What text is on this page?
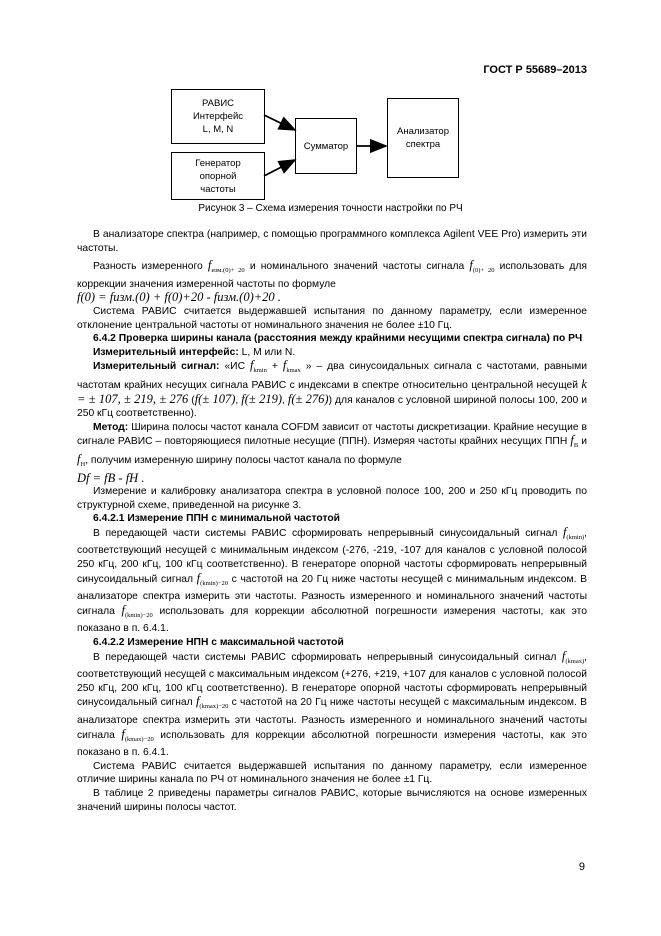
ГОСТ Р 55689–2013
РАВИС
Интерфейс
L, M, N
Генератор
опорной
частоты
Сумматор
Анализатор
спектра
Рисунок 3 – Схема измерения точности настройки по РЧ

В анализаторе спектра (например, с помощью программного комплекса Agilent VEE Pro) измерить эти частоты.

Разность измеренного $f_{изм.(0)+ 20}$ и номинального значений частоты сигнала $f_{(0)+ 20}$ использовать для коррекции значения измеренной частоты по формуле

f(0) = fизм.(0) + f(0)+20 - fизм.(0)+20 .

Система РАВИС считается выдержавшей испытания по данному параметру, если измеренное отклонение центральной частоты от номинального значения не более ±10 Гц.

6.4.2 Проверка ширины канала (расстояния между крайними несущими спектра сигнала) по РЧ

Измерительный интерфейс: L, M или N.

Измерительный сигнал: «ИС $f_{kmin} + f_{kmax}$ » – два синусоидальных сигнала с частотами, равными частотам крайних несущих сигнала РАВИС с индексами в спектре относительно центральной несущей k = ± 107, ± 219, ± 276 (f(± 107), f(± 219), f(± 276)) для каналов с условной шириной полосы 100, 200 и 250 кГц соответственно).

Метод: Ширина полосы частот канала COFDM зависит от частоты дискретизации. Крайние несущие в сигнале РАВИС – повторяющиеся пилотные несущие (ППН). Измеряя частоты крайних несущих ППН $f_В$ и $f_Н$, получим измеренную ширину полосы частот канала по формуле

Df = fВ - fН .

Измерение и калибровку анализатора спектра в условной полосе 100, 200 и 250 кГц проводить по структурной схеме, приведенной на рисунке 3.

6.4.2.1 Измерение ППН с минимальной частотой

В передающей части системы РАВИС сформировать непрерывный синусоидальный сигнал $f_{(kmin)}$, соответствующий несущей с минимальным индексом (-276, -219, -107 для каналов с условной полосой 250 кГц, 200 кГц, 100 кГц соответственно). В генераторе опорной частоты сформировать непрерывный синусоидальный сигнал $f_{(kmin)-20}$ с частотой на 20 Гц ниже частоты несущей с минимальным индексом. В анализаторе спектра измерить эти частоты. Разность измеренного и номинального значений частоты сигнала $f_{(kmin)-20}$ использовать для коррекции абсолютной погрешности измерения частоты, как это показано в п. 6.4.1.

6.4.2.2 Измерение НПН с максимальной частотой

В передающей части системы РАВИС сформировать непрерывный синусоидальный сигнал $f_{(kmax)}$, соответствующий несущей с максимальным индексом (+276, +219, +107 для каналов с условной полосой 250 кГц, 200 кГц, 100 кГц соответственно). В генераторе опорной частоты сформировать непрерывный синусоидальный сигнал $f_{(kmax)-20}$ с частотой на 20 Гц ниже частоты несущей с максимальным индексом. В анализаторе спектра измерить эти частоты. Разность измеренного и номинального значений частоты сигнала $f_{(kmax)-20}$ использовать для коррекции абсолютной погрешности измерения частоты, как это показано в п. 6.4.1.

Система РАВИС считается выдержавшей испытания по данному параметру, если измеренное отличие ширины канала по РЧ от номинального значения не более ±1 Гц.

В таблице 2 приведены параметры сигналов РАВИС, которые вычисляются на основе измеренных значений ширины полосы частот.

9
